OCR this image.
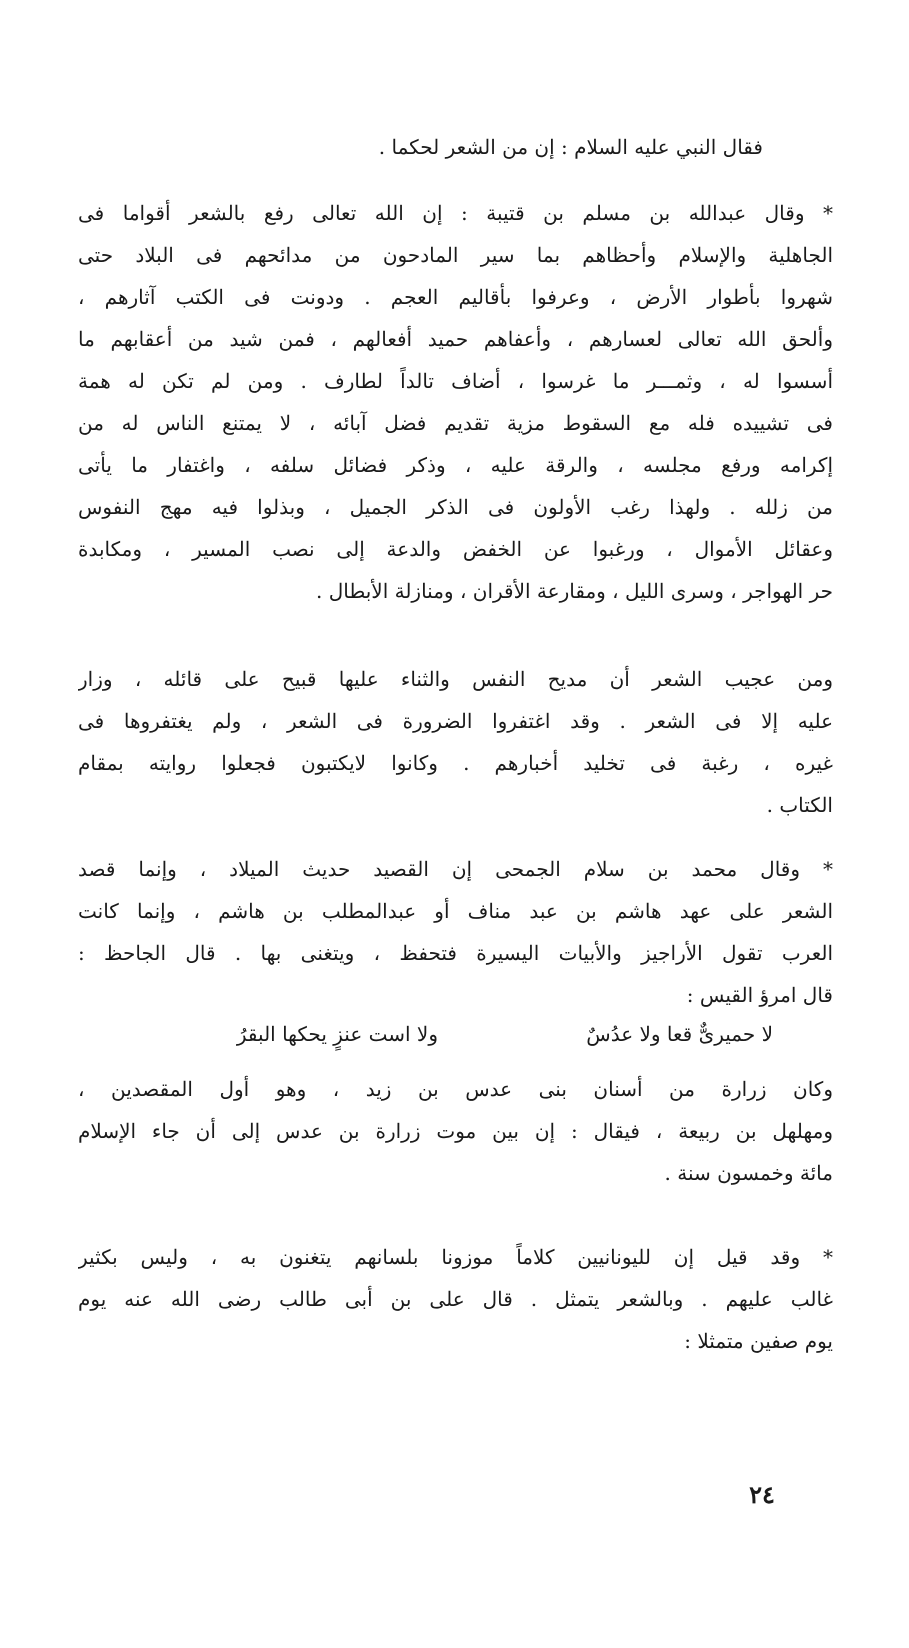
فقال النبي عليه السلام : إن من الشعر لحكما .
* وقال عبدالله بن مسلم بن قتيبة : إن الله تعالى رفع بالشعر أقواما فى
الجاهلية والإسلام وأحظاهم بما سير المادحون من مدائحهم فى البلاد حتى
شهروا بأطوار الأرض ، وعرفوا بأقاليم العجم . ودونت فى الكتب آثارهم ،
وألحق الله تعالى لعسارهم ، وأعفاهم حميد أفعالهم ، فمن شيد من أعقابهم ما
أسسوا له ، وثمـــر ما غرسوا ، أضاف تالداً لطارف . ومن لم تكن له همة
فى تشييده فله مع السقوط مزية تقديم فضل آبائه ، لا يمتنع الناس له من
إكرامه ورفع مجلسه ، والرقة عليه ، وذكر فضائل سلفه ، واغتفار ما يأتى
من زلله . ولهذا رغب الأولون فى الذكر الجميل ، وبذلوا فيه مهج النفوس
وعقائل الأموال ، ورغبوا عن الخفض والدعة إلى نصب المسير ، ومكابدة
حر الهواجر ، وسرى الليل ، ومقارعة الأقران ، ومنازلة الأبطال .
ومن عجيب الشعر أن مديح النفس والثناء عليها قبيح على قائله ، وزار
عليه إلا فى الشعر . وقد اغتفروا الضرورة فى الشعر ، ولم يغتفروها فى
غيره ، رغبة فى تخليد أخبارهم . وكانوا لايكتبون فجعلوا روايته بمقام
الكتاب .
* وقال محمد بن سلام الجمحى إن القصيد حديث الميلاد ، وإنما قصد
الشعر على عهد هاشم بن عبد مناف أو عبدالمطلب بن هاشم ، وإنما كانت
العرب تقول الأراجيز والأبيات اليسيرة فتحفظ ، ويتغنى بها . قال الجاحظ :
قال امرؤ القيس :
لا حميرىٌّ قعا ولا عدُسٌ
ولا است عنزٍ يحكها البقرُ
وكان زرارة من أسنان بنى عدس بن زيد ، وهو أول المقصدين ،
ومهلهل بن ربيعة ، فيقال : إن بين موت زرارة بن عدس إلى أن جاء الإسلام
مائة وخمسون سنة .
* وقد قيل إن لليونانيين كلاماً موزونا بلسانهم يتغنون به ، وليس بكثير
غالب عليهم . وبالشعر يتمثل . قال على بن أبى طالب رضى الله عنه يوم
يوم صفين متمثلا :
٢٤
